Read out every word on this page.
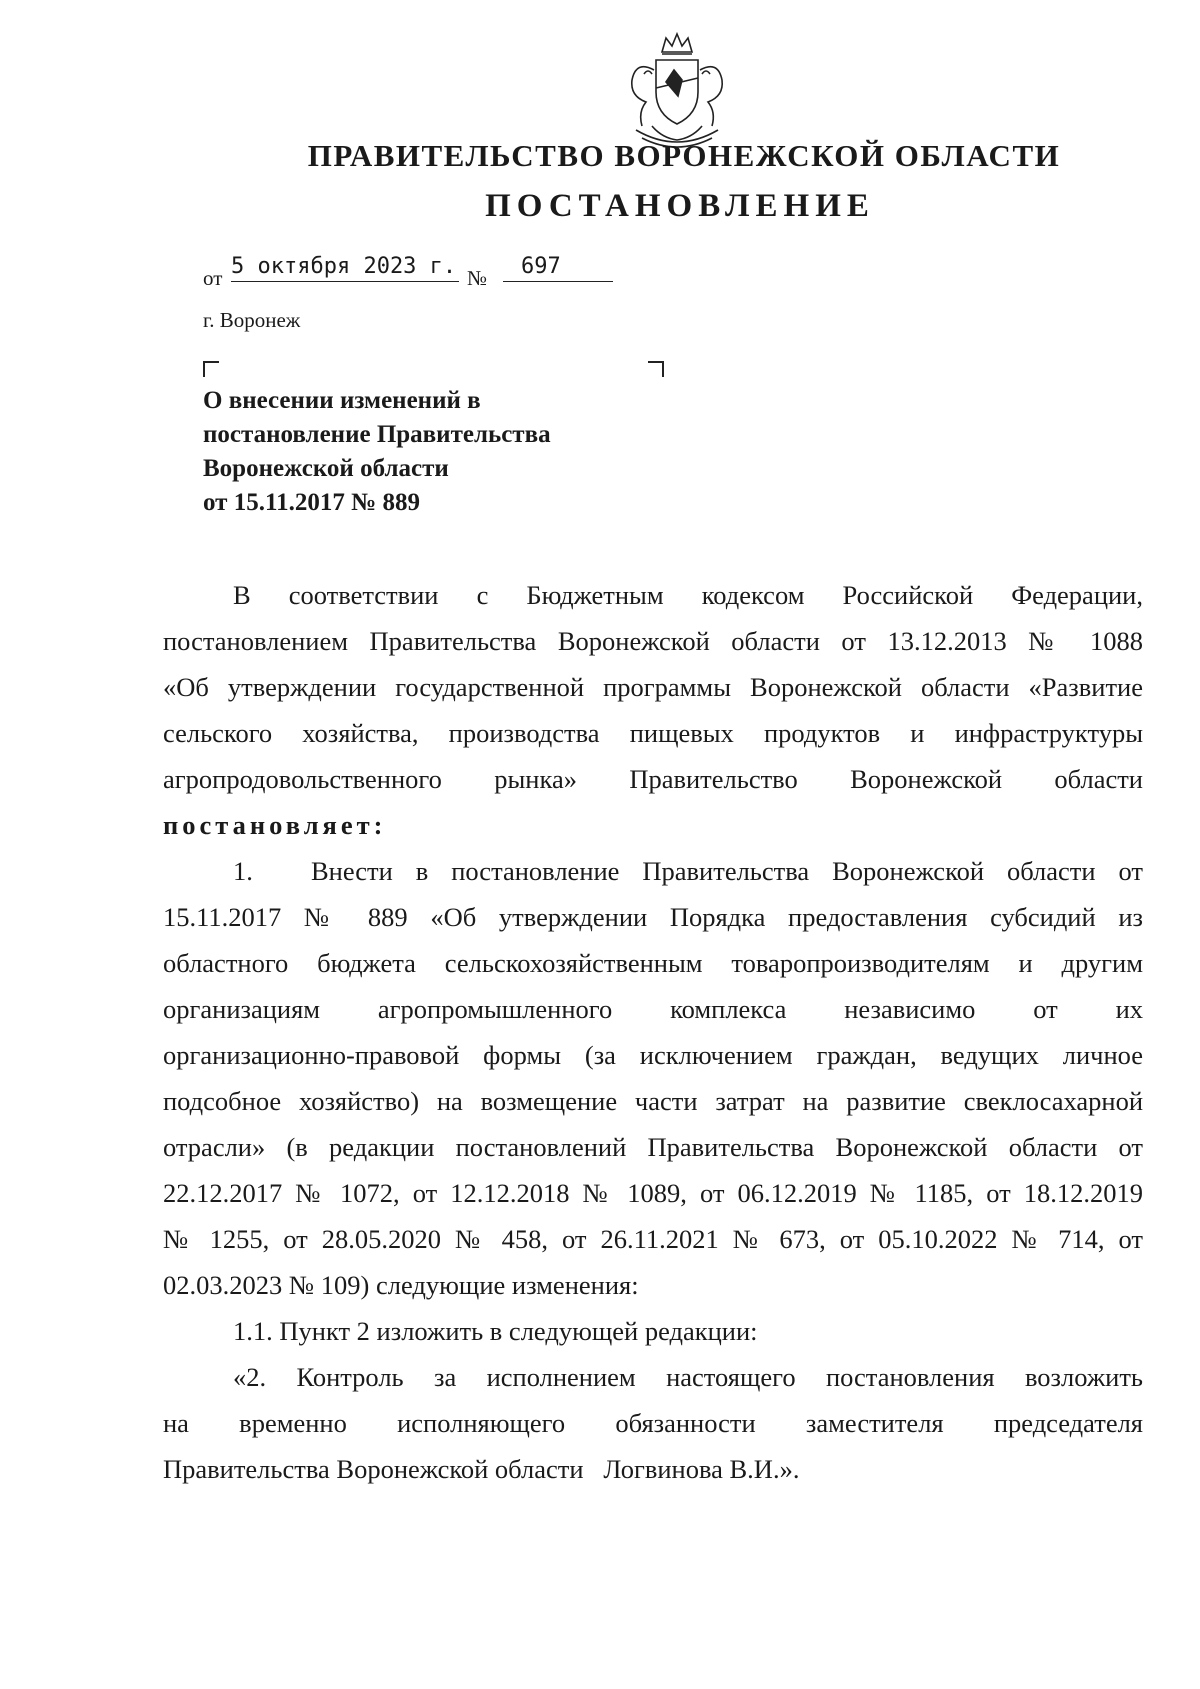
ПРАВИТЕЛЬСТВО ВОРОНЕЖСКОЙ ОБЛАСТИ
ПОСТАНОВЛЕНИЕ
от 5 октября 2023 г. №	697
г. Воронеж
О внесении изменений в
постановление Правительства
Воронежской области
от 15.11.2017 № 889
В соответствии с Бюджетным кодексом Российской Федерации,
постановлением Правительства Воронежской области от 13.12.2013 № 1088
«Об утверждении государственной программы Воронежской области «Развитие
сельского хозяйства, производства пищевых продуктов и инфраструктуры
агропродовольственного рынка» Правительство Воронежской области
постановляет:
1. Внести в постановление Правительства Воронежской области от
15.11.2017 № 889 «Об утверждении Порядка предоставления субсидий из
областного бюджета сельскохозяйственным товаропроизводителям и другим
организациям агропромышленного комплекса независимо от их
организационно-правовой формы (за исключением граждан, ведущих личное
подсобное хозяйство) на возмещение части затрат на развитие свеклосахарной
отрасли» (в редакции постановлений Правительства Воронежской области от
22.12.2017 № 1072, от 12.12.2018 № 1089, от 06.12.2019 № 1185, от 18.12.2019
№ 1255, от 28.05.2020 № 458, от 26.11.2021 № 673, от 05.10.2022 № 714, от
02.03.2023 № 109) следующие изменения:
1.1. Пункт 2 изложить в следующей редакции:
«2. Контроль за исполнением настоящего постановления возложить
на временно исполняющего обязанности заместителя председателя
Правительства Воронежской области   Логвинова В.И.».
